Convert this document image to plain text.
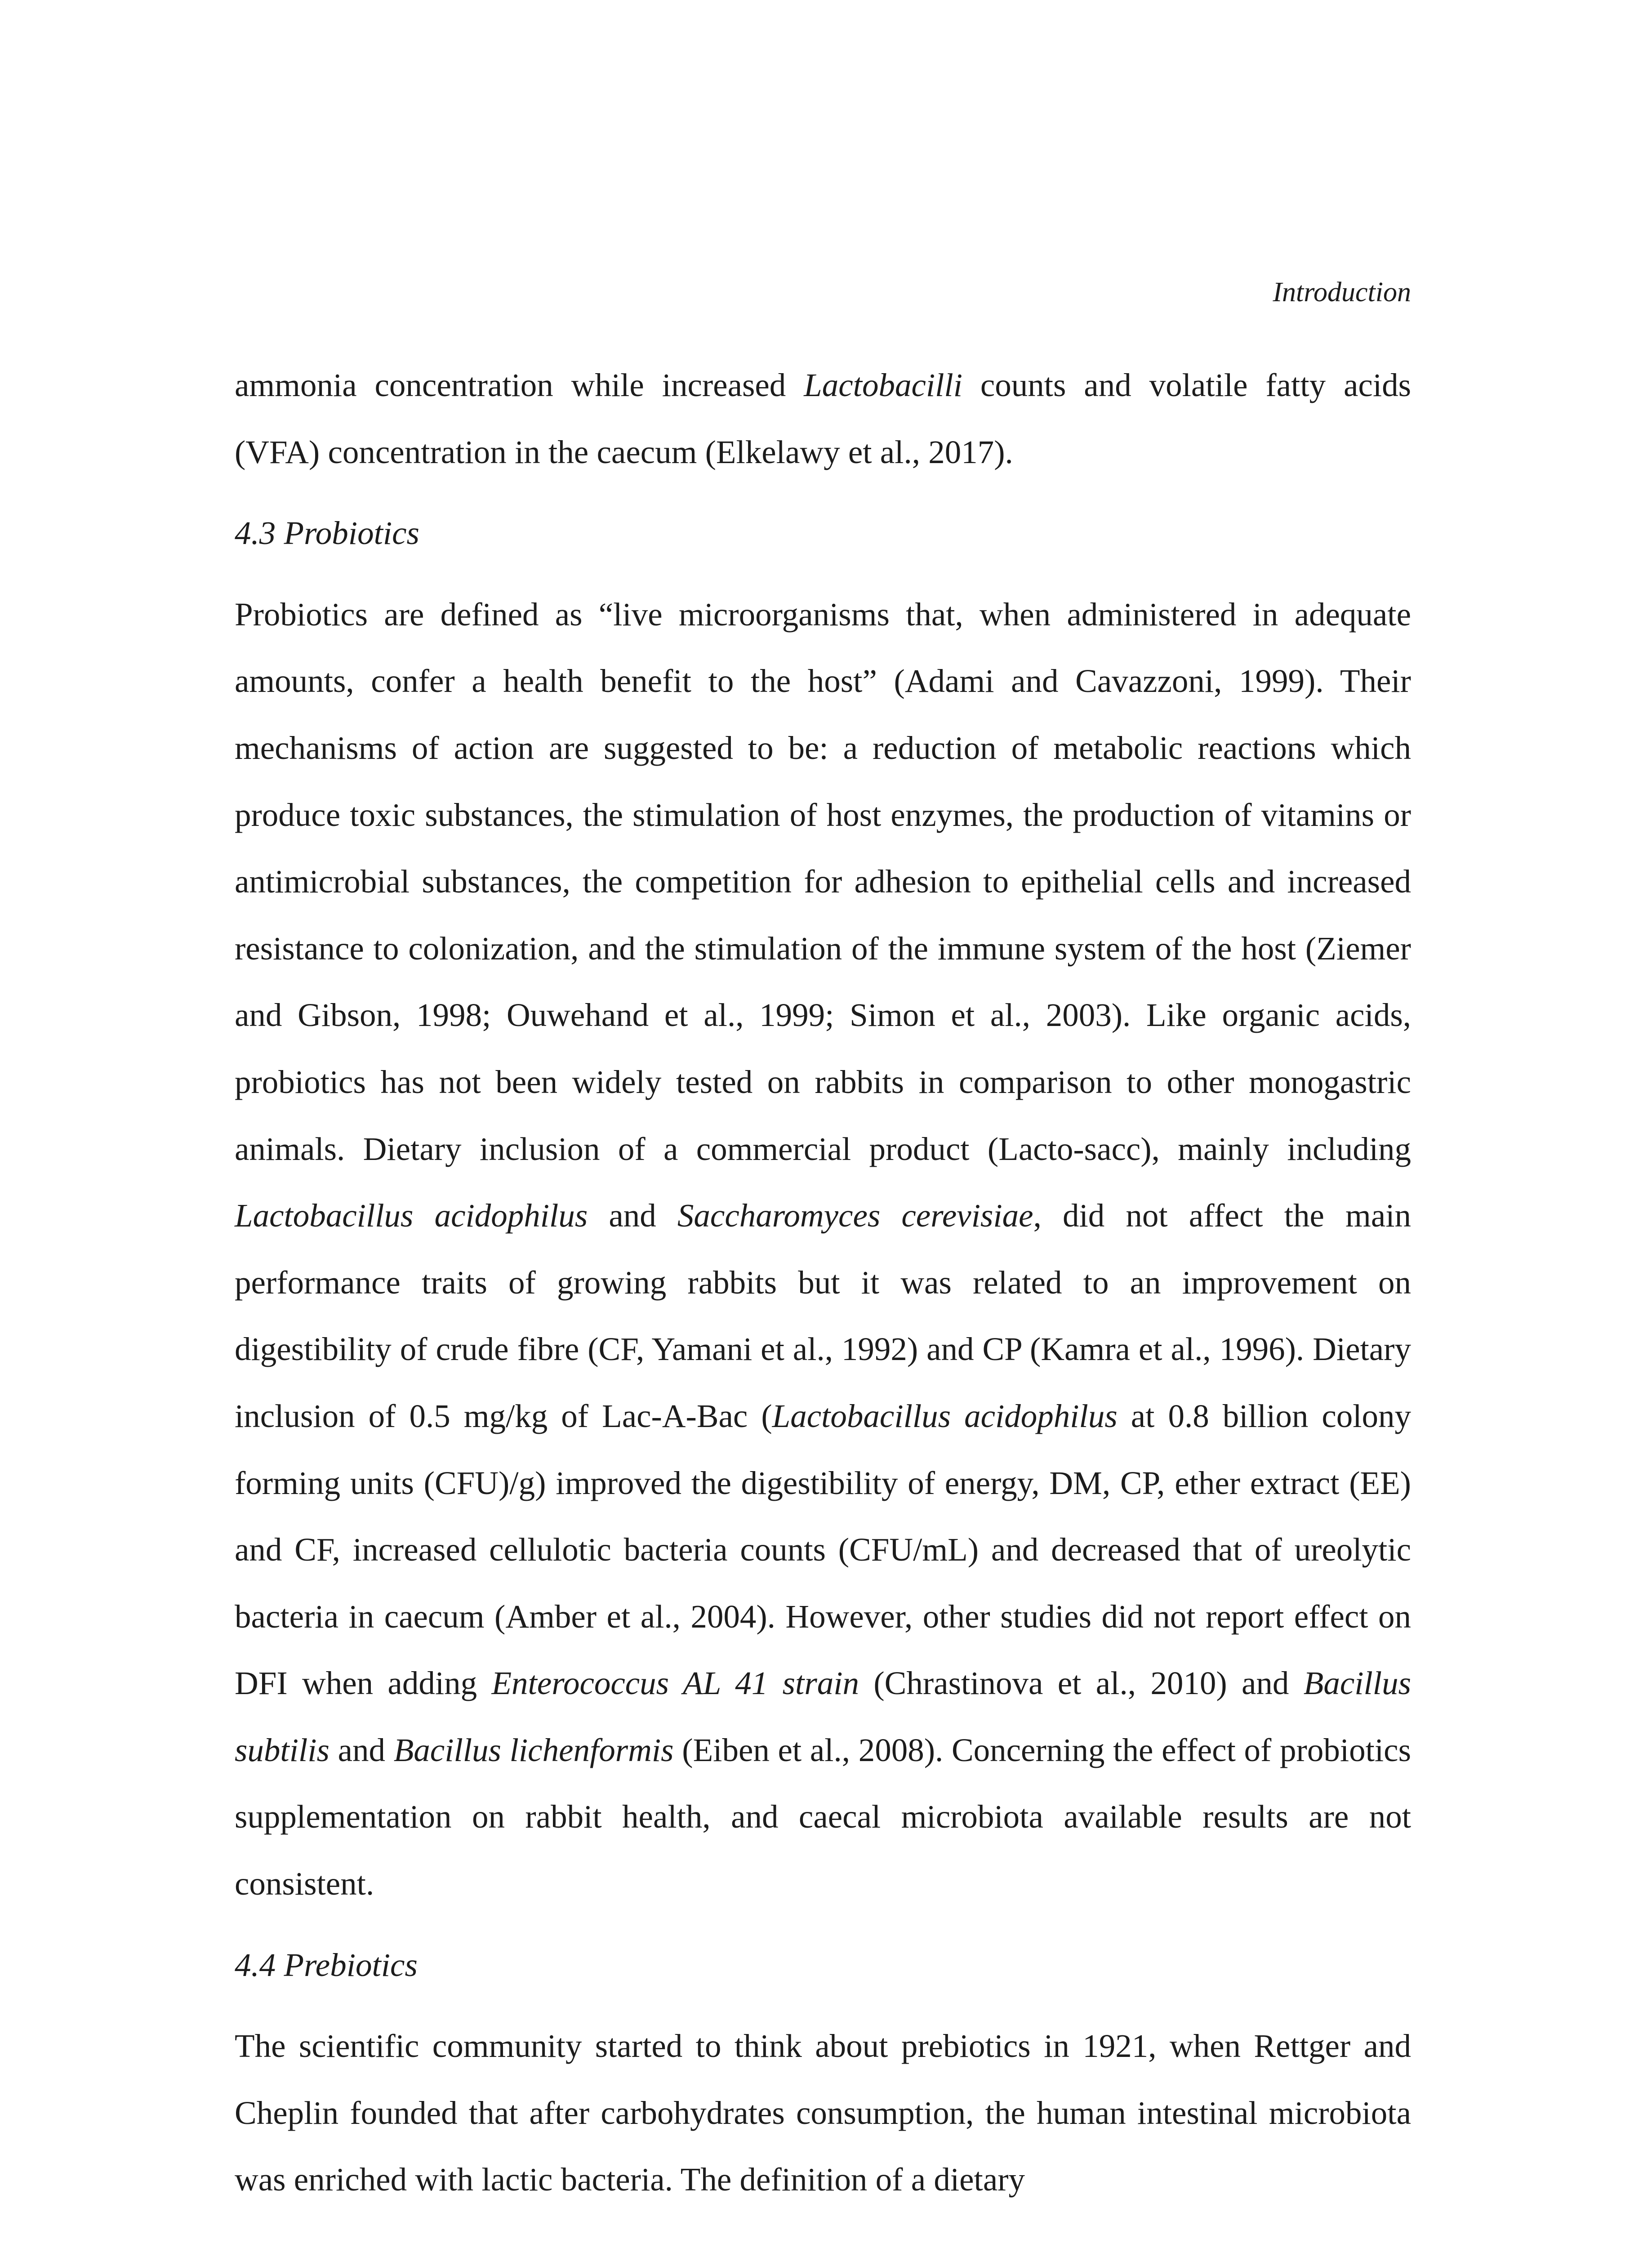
Introduction

ammonia concentration while increased Lactobacilli counts and volatile fatty acids (VFA) concentration in the caecum (Elkelawy et al., 2017).

4.3 Probiotics

Probiotics are defined as “live microorganisms that, when administered in adequate amounts, confer a health benefit to the host” (Adami and Cavazzoni, 1999). Their mechanisms of action are suggested to be: a reduction of metabolic reactions which produce toxic substances, the stimulation of host enzymes, the production of vitamins or antimicrobial substances, the competition for adhesion to epithelial cells and increased resistance to colonization, and the stimulation of the immune system of the host (Ziemer and Gibson, 1998; Ouwehand et al., 1999; Simon et al., 2003). Like organic acids, probiotics has not been widely tested on rabbits in comparison to other monogastric animals. Dietary inclusion of a commercial product (Lacto-sacc), mainly including Lactobacillus acidophilus and Saccharomyces cerevisiae, did not affect the main performance traits of growing rabbits but it was related to an improvement on digestibility of crude fibre (CF, Yamani et al., 1992) and CP (Kamra et al., 1996). Dietary inclusion of 0.5 mg/kg of Lac-A-Bac (Lactobacillus acidophilus at 0.8 billion colony forming units (CFU)/g) improved the digestibility of energy, DM, CP, ether extract (EE) and CF, increased cellulotic bacteria counts (CFU/mL) and decreased that of ureolytic bacteria in caecum (Amber et al., 2004). However, other studies did not report effect on DFI when adding Enterococcus AL 41 strain (Chrastinova et al., 2010) and Bacillus subtilis and Bacillus lichenformis (Eiben et al., 2008). Concerning the effect of probiotics supplementation on rabbit health, and caecal microbiota available results are not consistent.

4.4 Prebiotics

The scientific community started to think about prebiotics in 1921, when Rettger and Cheplin founded that after carbohydrates consumption, the human intestinal microbiota was enriched with lactic bacteria. The definition of a dietary
